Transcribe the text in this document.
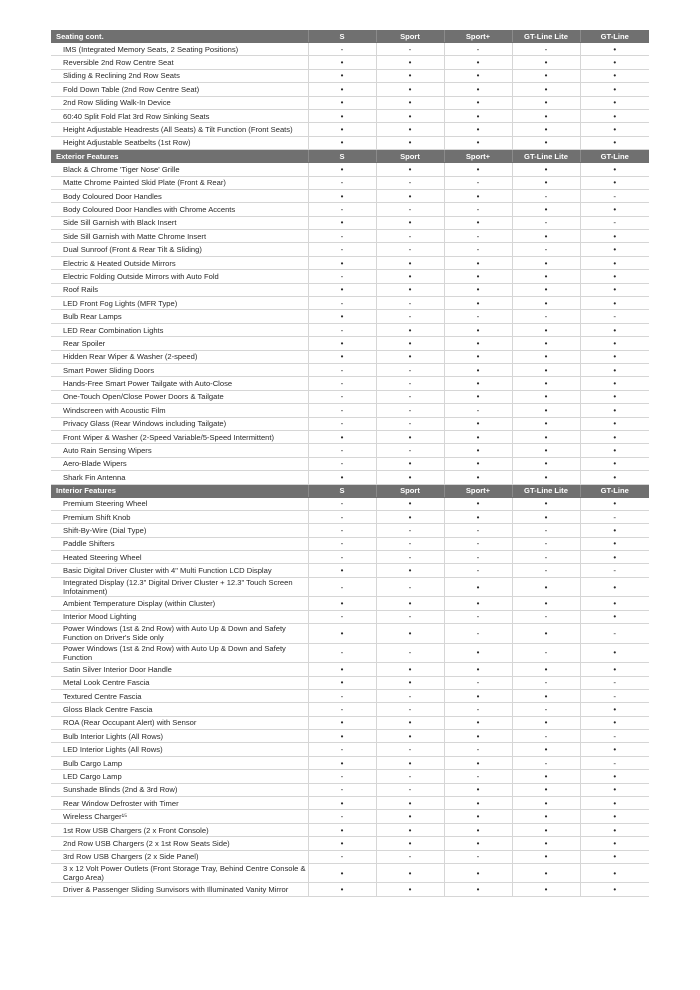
Seating cont.	S	Sport	Sport+	GT-Line Lite	GT-Line
IMS (Integrated Memory Seats, 2 Seating Positions)	-	-	-	-	•
Reversible 2nd Row Centre Seat	•	•	•	•	•
Sliding & Reclining 2nd Row Seats	•	•	•	•	•
Fold Down Table (2nd Row Centre Seat)	•	•	•	•	•
2nd Row Sliding Walk-In Device	•	•	•	•	•
60:40 Split Fold Flat 3rd Row Sinking Seats	•	•	•	•	•
Height Adjustable Headrests (All Seats) & Tilt Function (Front Seats)	•	•	•	•	•
Height Adjustable Seatbelts (1st Row)	•	•	•	•	•
Exterior Features	S	Sport	Sport+	GT-Line Lite	GT-Line
Black & Chrome 'Tiger Nose' Grille	•	•	•	•	•
Matte Chrome Painted Skid Plate (Front & Rear)	-	-	-	•	•
Body Coloured Door Handles	•	•	•	-	-
Body Coloured Door Handles with Chrome Accents	-	-	-	•	•
Side Sill Garnish with Black Insert	•	•	•	-	-
Side Sill Garnish with Matte Chrome Insert	-	-	-	•	•
Dual Sunroof (Front & Rear Tilt & Sliding)	-	-	-	-	•
Electric & Heated Outside Mirrors	•	•	•	•	•
Electric Folding Outside Mirrors with Auto Fold	-	•	•	•	•
Roof Rails	•	•	•	•	•
LED Front Fog Lights (MFR Type)	-	-	•	•	•
Bulb Rear Lamps	•	-	-	-	-
LED Rear Combination Lights	-	•	•	•	•
Rear Spoiler	•	•	•	•	•
Hidden Rear Wiper & Washer (2-speed)	•	•	•	•	•
Smart Power Sliding Doors	-	-	•	•	•
Hands-Free Smart Power Tailgate with Auto-Close	-	-	•	•	•
One-Touch Open/Close Power Doors & Tailgate	-	-	•	•	•
Windscreen with Acoustic Film	-	-	-	•	•
Privacy Glass (Rear Windows including Tailgate)	-	-	•	•	•
Front Wiper & Washer (2-Speed Variable/5-Speed Intermittent)	•	•	•	•	•
Auto Rain Sensing Wipers	-	-	•	•	•
Aero-Blade Wipers	-	•	•	•	•
Shark Fin Antenna	•	•	•	•	•
Interior Features	S	Sport	Sport+	GT-Line Lite	GT-Line
Premium Steering Wheel	-	•	•	•	•
Premium Shift Knob	-	•	•	•	-
Shift-By-Wire (Dial Type)	-	-	-	-	•
Paddle Shifters	-	-	-	-	•
Heated Steering Wheel	-	-	-	-	•
Basic Digital Driver Cluster with 4" Multi Function LCD Display	•	•	-	-	-
Integrated Display (12.3" Digital Driver Cluster + 12.3" Touch Screen Infotainment)	-	-	•	•	•
Ambient Temperature Display (within Cluster)	•	•	•	•	•
Interior Mood Lighting	-	-	-	-	•
Power Windows (1st & 2nd Row) with Auto Up & Down and Safety Function on Driver's Side only	•	•	-	•	-
Power Windows (1st & 2nd Row) with Auto Up & Down and Safety Function	-	-	•	-	•
Satin Silver Interior Door Handle	•	•	•	•	•
Metal Look Centre Fascia	•	•	-	-	-
Textured Centre Fascia	-	-	•	•	-
Gloss Black Centre Fascia	-	-	-	-	•
ROA (Rear Occupant Alert) with Sensor	•	•	•	•	•
Bulb Interior Lights (All Rows)	•	•	•	-	-
LED Interior Lights (All Rows)	-	-	-	•	•
Bulb Cargo Lamp	•	•	•	-	-
LED Cargo Lamp	-	-	-	•	•
Sunshade Blinds (2nd & 3rd Row)	-	-	•	•	•
Rear Window Defroster with Timer	•	•	•	•	•
Wireless Charger¹⁵	-	•	•	•	•
1st Row USB Chargers (2 x Front Console)	•	•	•	•	•
2nd Row USB Chargers (2 x 1st Row Seats Side)	•	•	•	•	•
3rd Row USB Chargers (2 x Side Panel)	-	-	-	•	•
3 x 12 Volt Power Outlets (Front Storage Tray, Behind Centre Console & Cargo Area)	•	•	•	•	•
Driver & Passenger Sliding Sunvisors with Illuminated Vanity Mirror	•	•	•	•	•
